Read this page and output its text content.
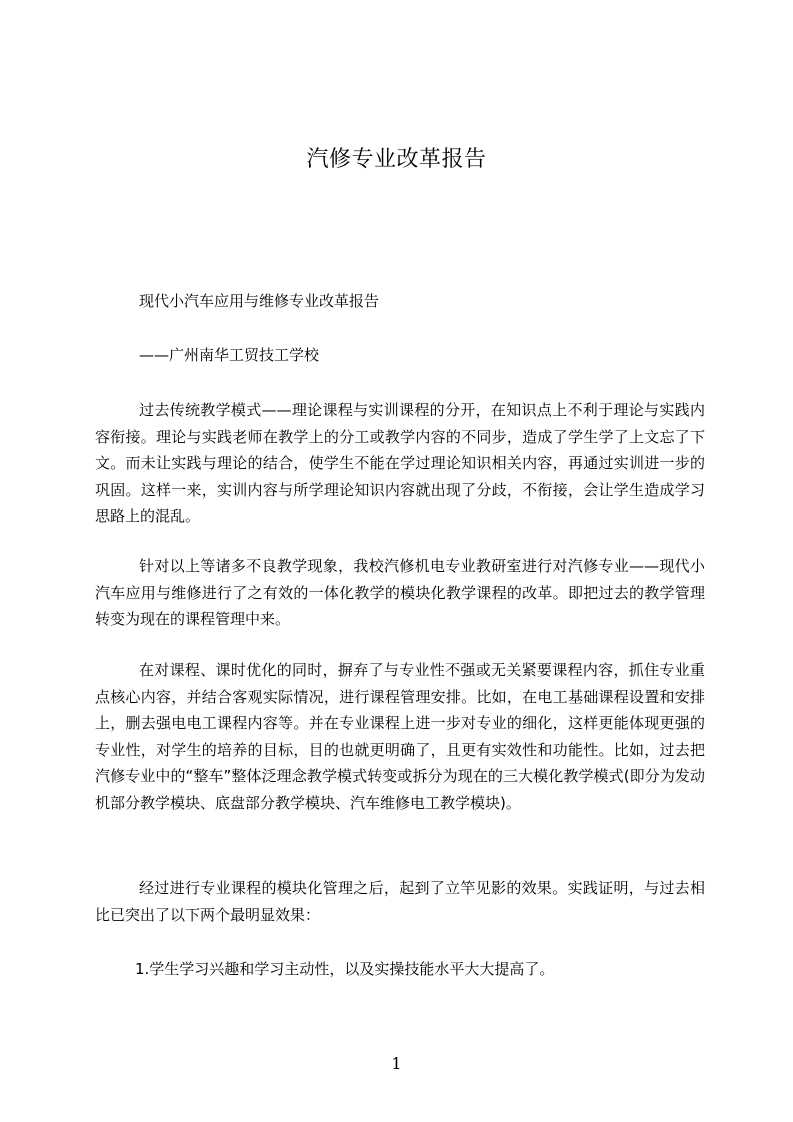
汽修专业改革报告
现代小汽车应用与维修专业改革报告
——广州南华工贸技工学校
过去传统教学模式——理论课程与实训课程的分开，在知识点上不利于理论与实践内容衔接。理论与实践老师在教学上的分工或教学内容的不同步，造成了学生学了上文忘了下文。而未让实践与理论的结合，使学生不能在学过理论知识相关内容，再通过实训进一步的巩固。这样一来，实训内容与所学理论知识内容就出现了分歧，不衔接，会让学生造成学习思路上的混乱。
针对以上等诸多不良教学现象，我校汽修机电专业教研室进行对汽修专业——现代小汽车应用与维修进行了之有效的一体化教学的模块化教学课程的改革。即把过去的教学管理转变为现在的课程管理中来。
在对课程、课时优化的同时，摒弃了与专业性不强或无关紧要课程内容，抓住专业重点核心内容，并结合客观实际情况，进行课程管理安排。比如，在电工基础课程设置和安排上，删去强电电工课程内容等。并在专业课程上进一步对专业的细化，这样更能体现更强的专业性，对学生的培养的目标，目的也就更明确了，且更有实效性和功能性。比如，过去把汽修专业中的“整车”整体泛理念教学模式转变或拆分为现在的三大模化教学模式(即分为发动机部分教学模块、底盘部分教学模块、汽车维修电工教学模块)。
经过进行专业课程的模块化管理之后，起到了立竿见影的效果。实践证明，与过去相比已突出了以下两个最明显效果：
1.学生学习兴趣和学习主动性，以及实操技能水平大大提高了。
1
